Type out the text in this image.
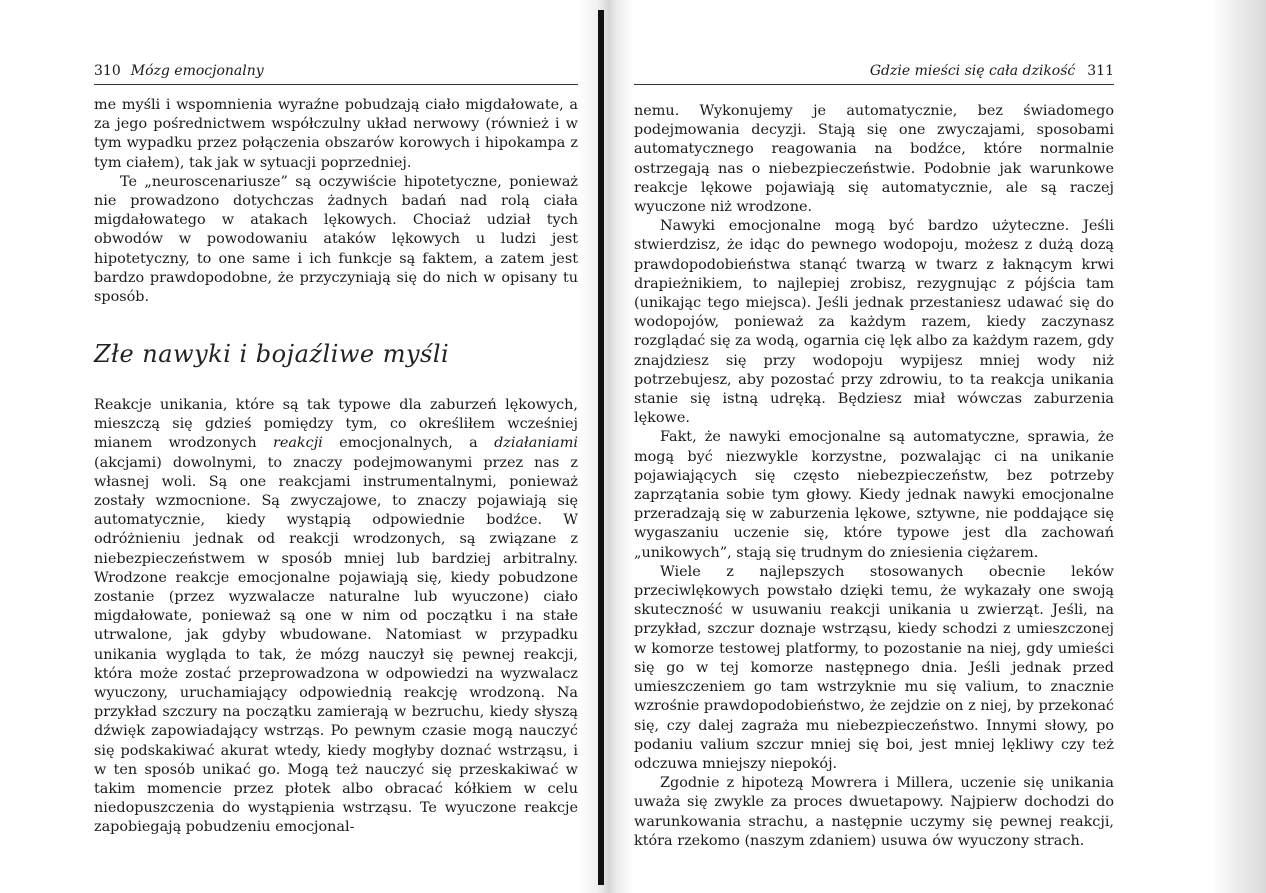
310 Mózg emocjonalny

me myśli i wspomnienia wyraźne pobudzają ciało migdałowate, a za jego pośrednictwem współczulny układ nerwowy (również i w tym wypadku przez połączenia obszarów korowych i hipokampa z tym ciałem), tak jak w sytuacji poprzedniej.

Te „neuroscenariusze” są oczywiście hipotetyczne, ponieważ nie prowadzono dotychczas żadnych badań nad rolą ciała migdałowatego w atakach lękowych. Chociaż udział tych obwodów w powodowaniu ataków lękowych u ludzi jest hipotetyczny, to one same i ich funkcje są faktem, a zatem jest bardzo prawdopodobne, że przyczyniają się do nich w opisany tu sposób.

Złe nawyki i bojaźliwe myśli

Reakcje unikania, które są tak typowe dla zaburzeń lękowych, mieszczą się gdzieś pomiędzy tym, co określiłem wcześniej mianem wrodzonych reakcji emocjonalnych, a działaniami (akcjami) dowolnymi, to znaczy podejmowanymi przez nas z własnej woli. Są one reakcjami instrumentalnymi, ponieważ zostały wzmocnione. Są zwyczajowe, to znaczy pojawiają się automatycznie, kiedy wystąpią odpowiednie bodźce. W odróżnieniu jednak od reakcji wrodzonych, są związane z niebezpieczeństwem w sposób mniej lub bardziej arbitralny. Wrodzone reakcje emocjonalne pojawiają się, kiedy pobudzone zostanie (przez wyzwalacze naturalne lub wyuczone) ciało migdałowate, ponieważ są one w nim od początku i na stałe utrwalone, jak gdyby wbudowane. Natomiast w przypadku unikania wygląda to tak, że mózg nauczył się pewnej reakcji, która może zostać przeprowadzona w odpowiedzi na wyzwalacz wyuczony, uruchamiający odpowiednią reakcję wrodzoną. Na przykład szczury na początku zamierają w bezruchu, kiedy słyszą dźwięk zapowiadający wstrząs. Po pewnym czasie mogą nauczyć się podskakiwać akurat wtedy, kiedy mogłyby doznać wstrząsu, i w ten sposób unikać go. Mogą też nauczyć się przeskakiwać w takim momencie przez płotek albo obracać kółkiem w celu niedopuszczenia do wystąpienia wstrząsu. Te wyuczone reakcje zapobiegają pobudzeniu emocjonal-

Gdzie mieści się cała dzikość 311

nemu. Wykonujemy je automatycznie, bez świadomego podejmowania decyzji. Stają się one zwyczajami, sposobami automatycznego reagowania na bodźce, które normalnie ostrzegają nas o niebezpieczeństwie. Podobnie jak warunkowe reakcje lękowe pojawiają się automatycznie, ale są raczej wyuczone niż wrodzone.

Nawyki emocjonalne mogą być bardzo użyteczne. Jeśli stwierdzisz, że idąc do pewnego wodopoju, możesz z dużą dozą prawdopodobieństwa stanąć twarzą w twarz z łaknącym krwi drapieżnikiem, to najlepiej zrobisz, rezygnując z pójścia tam (unikając tego miejsca). Jeśli jednak przestaniesz udawać się do wodopojów, ponieważ za każdym razem, kiedy zaczynasz rozglądać się za wodą, ogarnia cię lęk albo za każdym razem, gdy znajdziesz się przy wodopoju wypijesz mniej wody niż potrzebujesz, aby pozostać przy zdrowiu, to ta reakcja unikania stanie się istną udręką. Będziesz miał wówczas zaburzenia lękowe.

Fakt, że nawyki emocjonalne są automatyczne, sprawia, że mogą być niezwykle korzystne, pozwalając ci na unikanie pojawiających się często niebezpieczeństw, bez potrzeby zaprzątania sobie tym głowy. Kiedy jednak nawyki emocjonalne przeradzają się w zaburzenia lękowe, sztywne, nie poddające się wygaszaniu uczenie się, które typowe jest dla zachowań „unikowych”, stają się trudnym do zniesienia ciężarem.

Wiele z najlepszych stosowanych obecnie leków przeciwlękowych powstało dzięki temu, że wykazały one swoją skuteczność w usuwaniu reakcji unikania u zwierząt. Jeśli, na przykład, szczur doznaje wstrząsu, kiedy schodzi z umieszczonej w komorze testowej platformy, to pozostanie na niej, gdy umieści się go w tej komorze następnego dnia. Jeśli jednak przed umieszczeniem go tam wstrzyknie mu się valium, to znacznie wzrośnie prawdopodobieństwo, że zejdzie on z niej, by przekonać się, czy dalej zagraża mu niebezpieczeństwo. Innymi słowy, po podaniu valium szczur mniej się boi, jest mniej lękliwy czy też odczuwa mniejszy niepokój.

Zgodnie z hipotezą Mowrera i Millera, uczenie się unikania uważa się zwykle za proces dwuetapowy. Najpierw dochodzi do warunkowania strachu, a następnie uczymy się pewnej reakcji, która rzekomo (naszym zdaniem) usuwa ów wyuczony strach.
